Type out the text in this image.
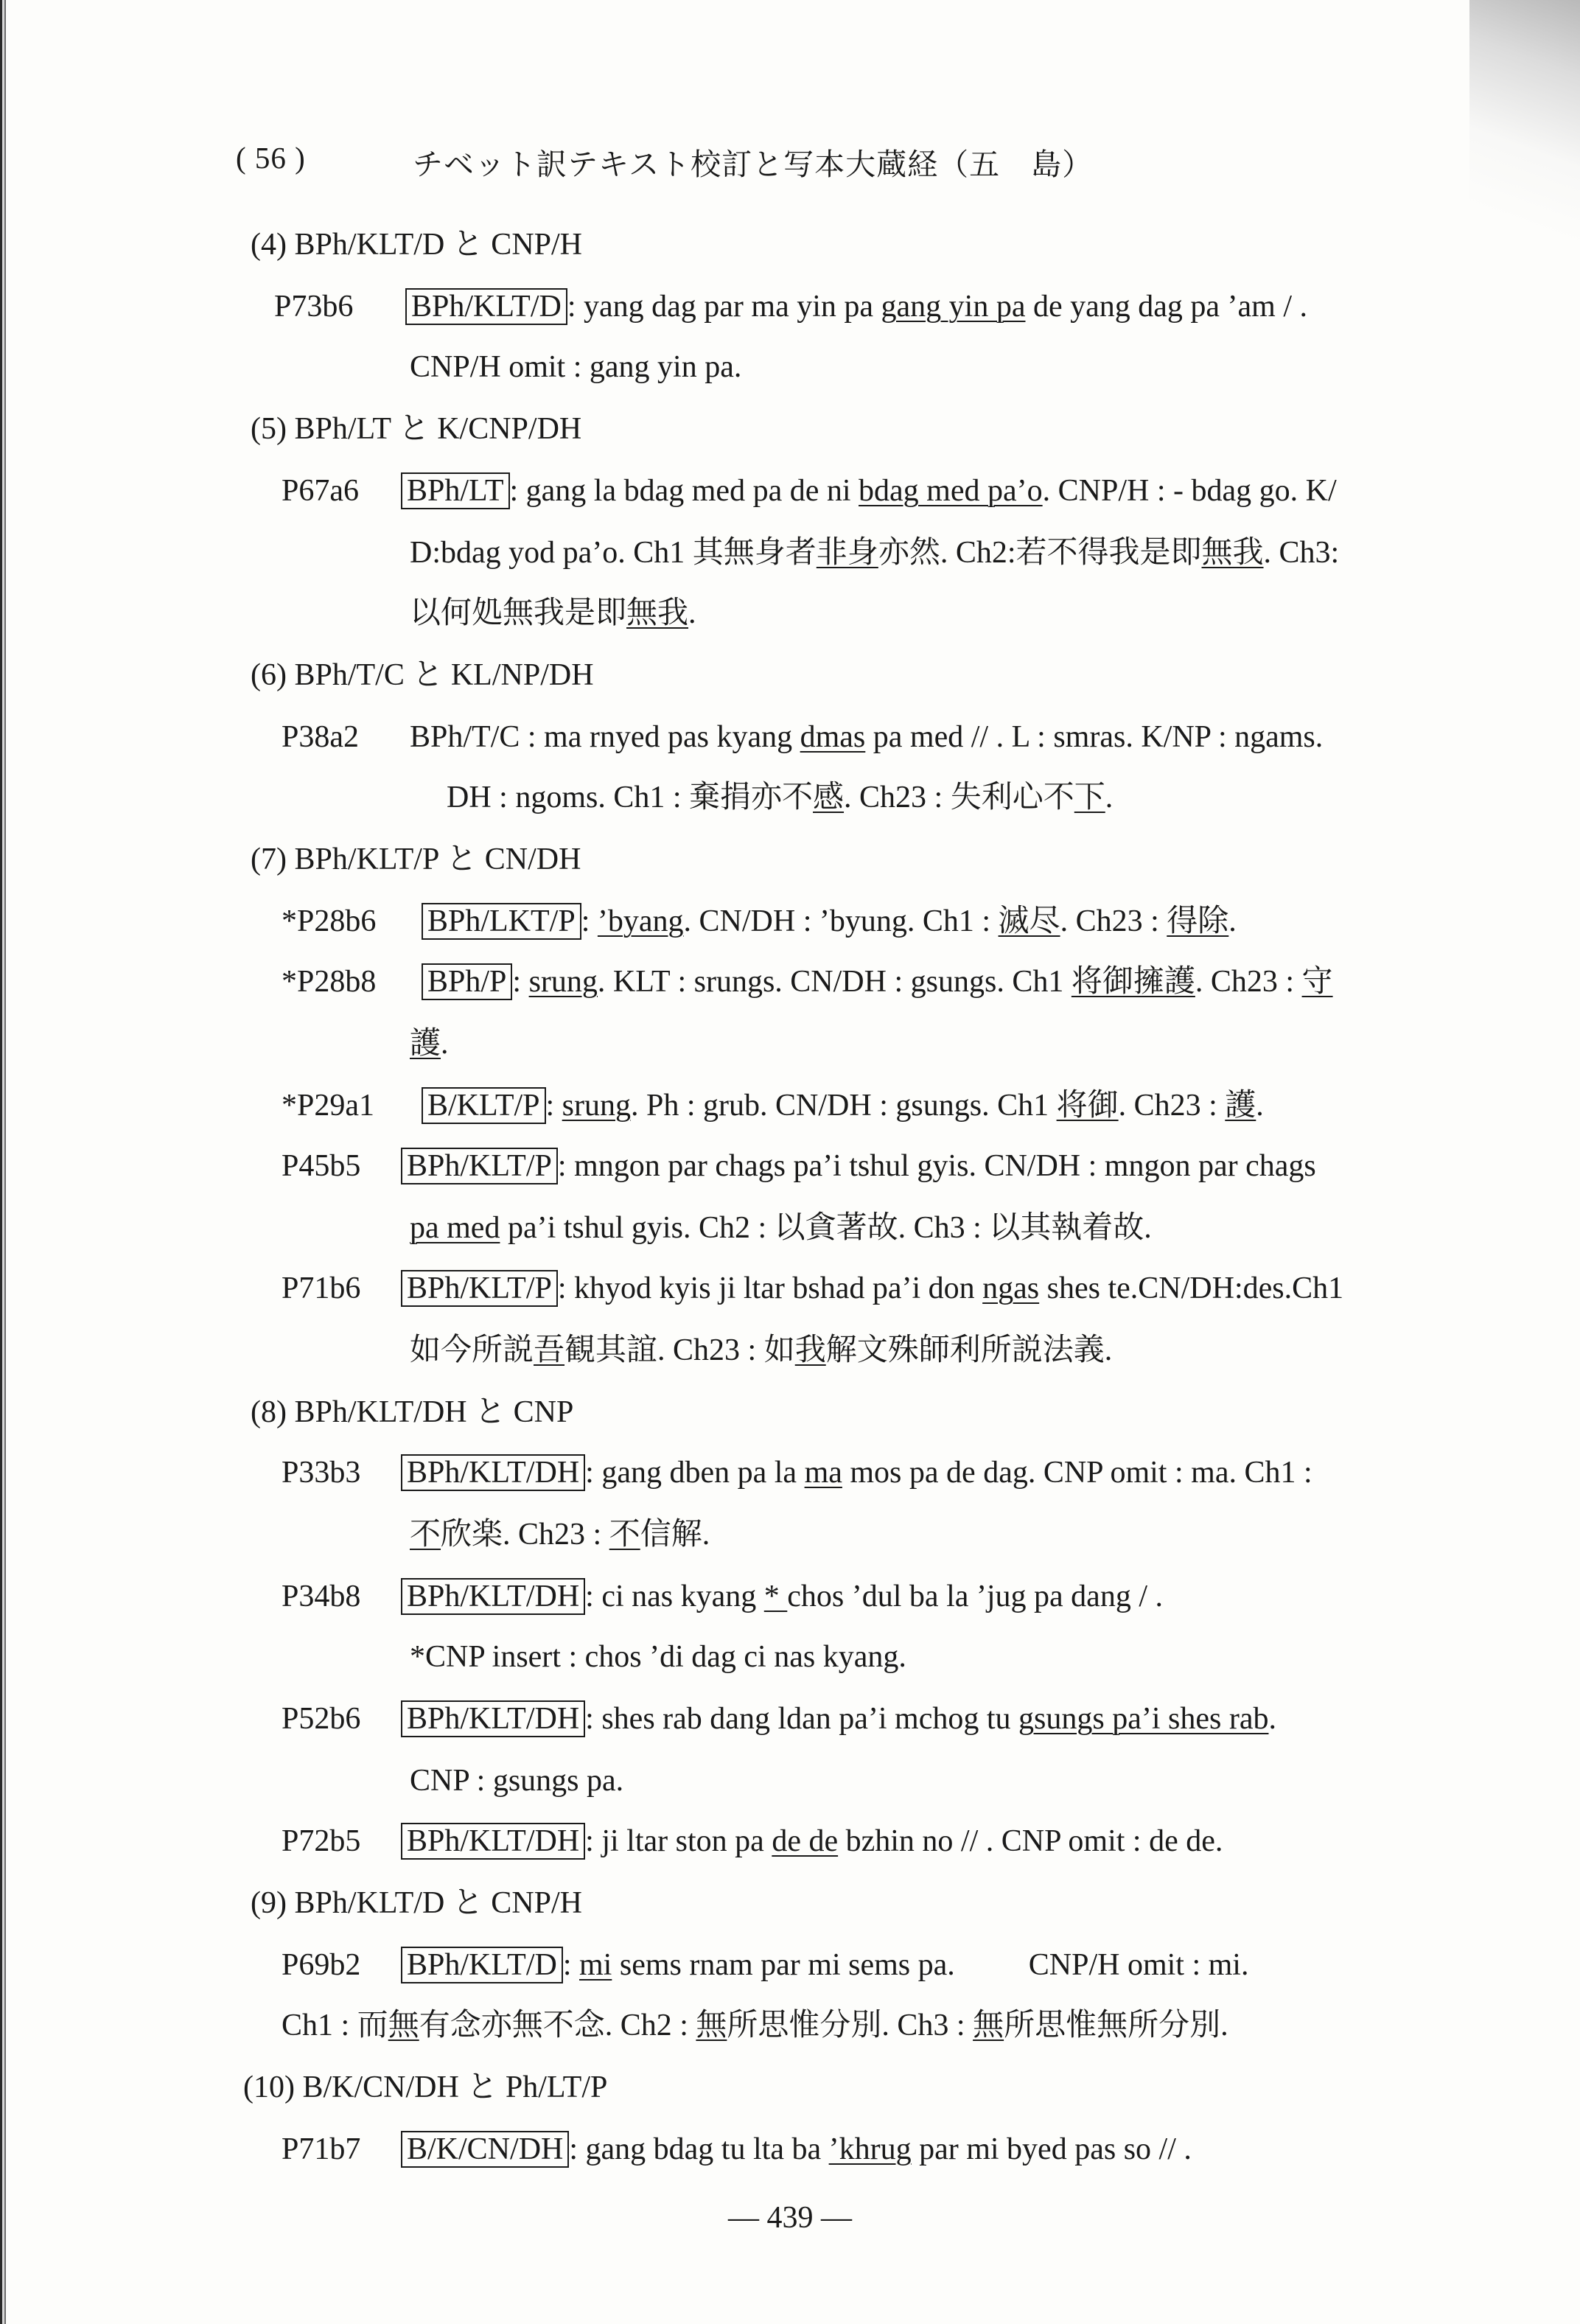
( 56 )	チベット訳テキスト校訂と写本大蔵経（五　島）
(4) BPh/KLT/D と CNP/H
P73b6 BPh/KLT/D : yang dag par ma yin pa gang yin pa de yang dag pa ’am / .
CNP/H omit : gang yin pa.
(5) BPh/LT と K/CNP/DH
P67a6 BPh/LT : gang la bdag med pa de ni bdag med pa’o. CNP/H : - bdag go. K/
D:bdag yod pa’o. Ch1 其無身者非身亦然. Ch2:若不得我是即無我. Ch3:
以何処無我是即無我.
(6) BPh/T/C と KL/NP/DH
P38a2 BPh/T/C : ma rnyed pas kyang dmas pa med // . L : smras. K/NP : ngams.
DH : ngoms. Ch1 : 棄捐亦不感. Ch23 : 失利心不下.
(7) BPh/KLT/P と CN/DH
*P28b6 BPh/LKT/P : ’byang. CN/DH : ’byung. Ch1 : 滅尽. Ch23 : 得除.
*P28b8 BPh/P : srung. KLT : srungs. CN/DH : gsungs. Ch1 将御擁護. Ch23 : 守
護.
*P29a1 B/KLT/P : srung. Ph : grub. CN/DH : gsungs. Ch1 将御. Ch23 : 護.
P45b5 BPh/KLT/P : mngon par chags pa’i tshul gyis. CN/DH : mngon par chags
pa med pa’i tshul gyis. Ch2 : 以貪著故. Ch3 : 以其執着故.
P71b6 BPh/KLT/P : khyod kyis ji ltar bshad pa’i don ngas shes te.CN/DH:des.Ch1
如今所説吾観其誼. Ch23 : 如我解文殊師利所説法義.
(8) BPh/KLT/DH と CNP
P33b3 BPh/KLT/DH : gang dben pa la ma mos pa de dag. CNP omit : ma. Ch1 :
不欣楽. Ch23 : 不信解.
P34b8 BPh/KLT/DH : ci nas kyang * chos ’dul ba la ’jug pa dang / .
*CNP insert : chos ’di dag ci nas kyang.
P52b6 BPh/KLT/DH : shes rab dang ldan pa’i mchog tu gsungs pa’i shes rab.
CNP : gsungs pa.
P72b5 BPh/KLT/DH : ji ltar ston pa de de bzhin no // . CNP omit : de de.
(9) BPh/KLT/D と CNP/H
P69b2 BPh/KLT/D : mi sems rnam par mi sems pa. CNP/H omit : mi.
Ch1 : 而無有念亦無不念. Ch2 : 無所思惟分別. Ch3 : 無所思惟無所分別.
(10) B/K/CN/DH と Ph/LT/P
P71b7 B/K/CN/DH : gang bdag tu lta ba ’khrug par mi byed pas so // .
— 439 —
